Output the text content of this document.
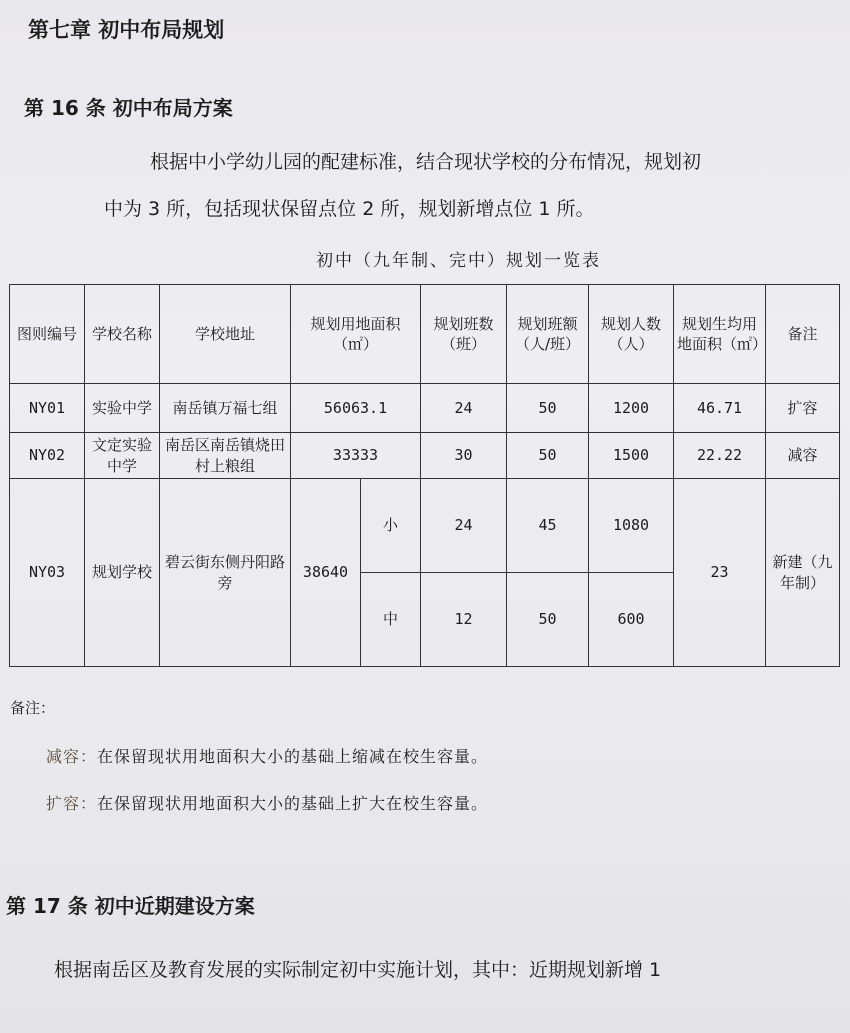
第七章 初中布局规划
第 16 条 初中布局方案
根据中小学幼儿园的配建标准，结合现状学校的分布情况，规划初
中为 3 所，包括现状保留点位 2 所，规划新增点位 1 所。
初中（九年制、完中）规划一览表
图则编号	学校名称	学校地址	规划用地面积（㎡）		规划班数（班）	规划班额（人/班）	规划人数（人）	规划生均用地面积（㎡）	备注
NY01	实验中学	南岳镇万福七组	56063.1		24	50	1200	46.71	扩容
NY02	文定实验中学	南岳区南岳镇烧田村上粮组	33333		30	50	1500	22.22	减容
NY03	规划学校	碧云街东侧丹阳路旁	38640	小	24	45	1080	23	新建（九年制）
				中	12	50	600		
备注：
减容：在保留现状用地面积大小的基础上缩减在校生容量。
扩容：在保留现状用地面积大小的基础上扩大在校生容量。
第 17 条 初中近期建设方案
根据南岳区及教育发展的实际制定初中实施计划，其中：近期规划新增 1
